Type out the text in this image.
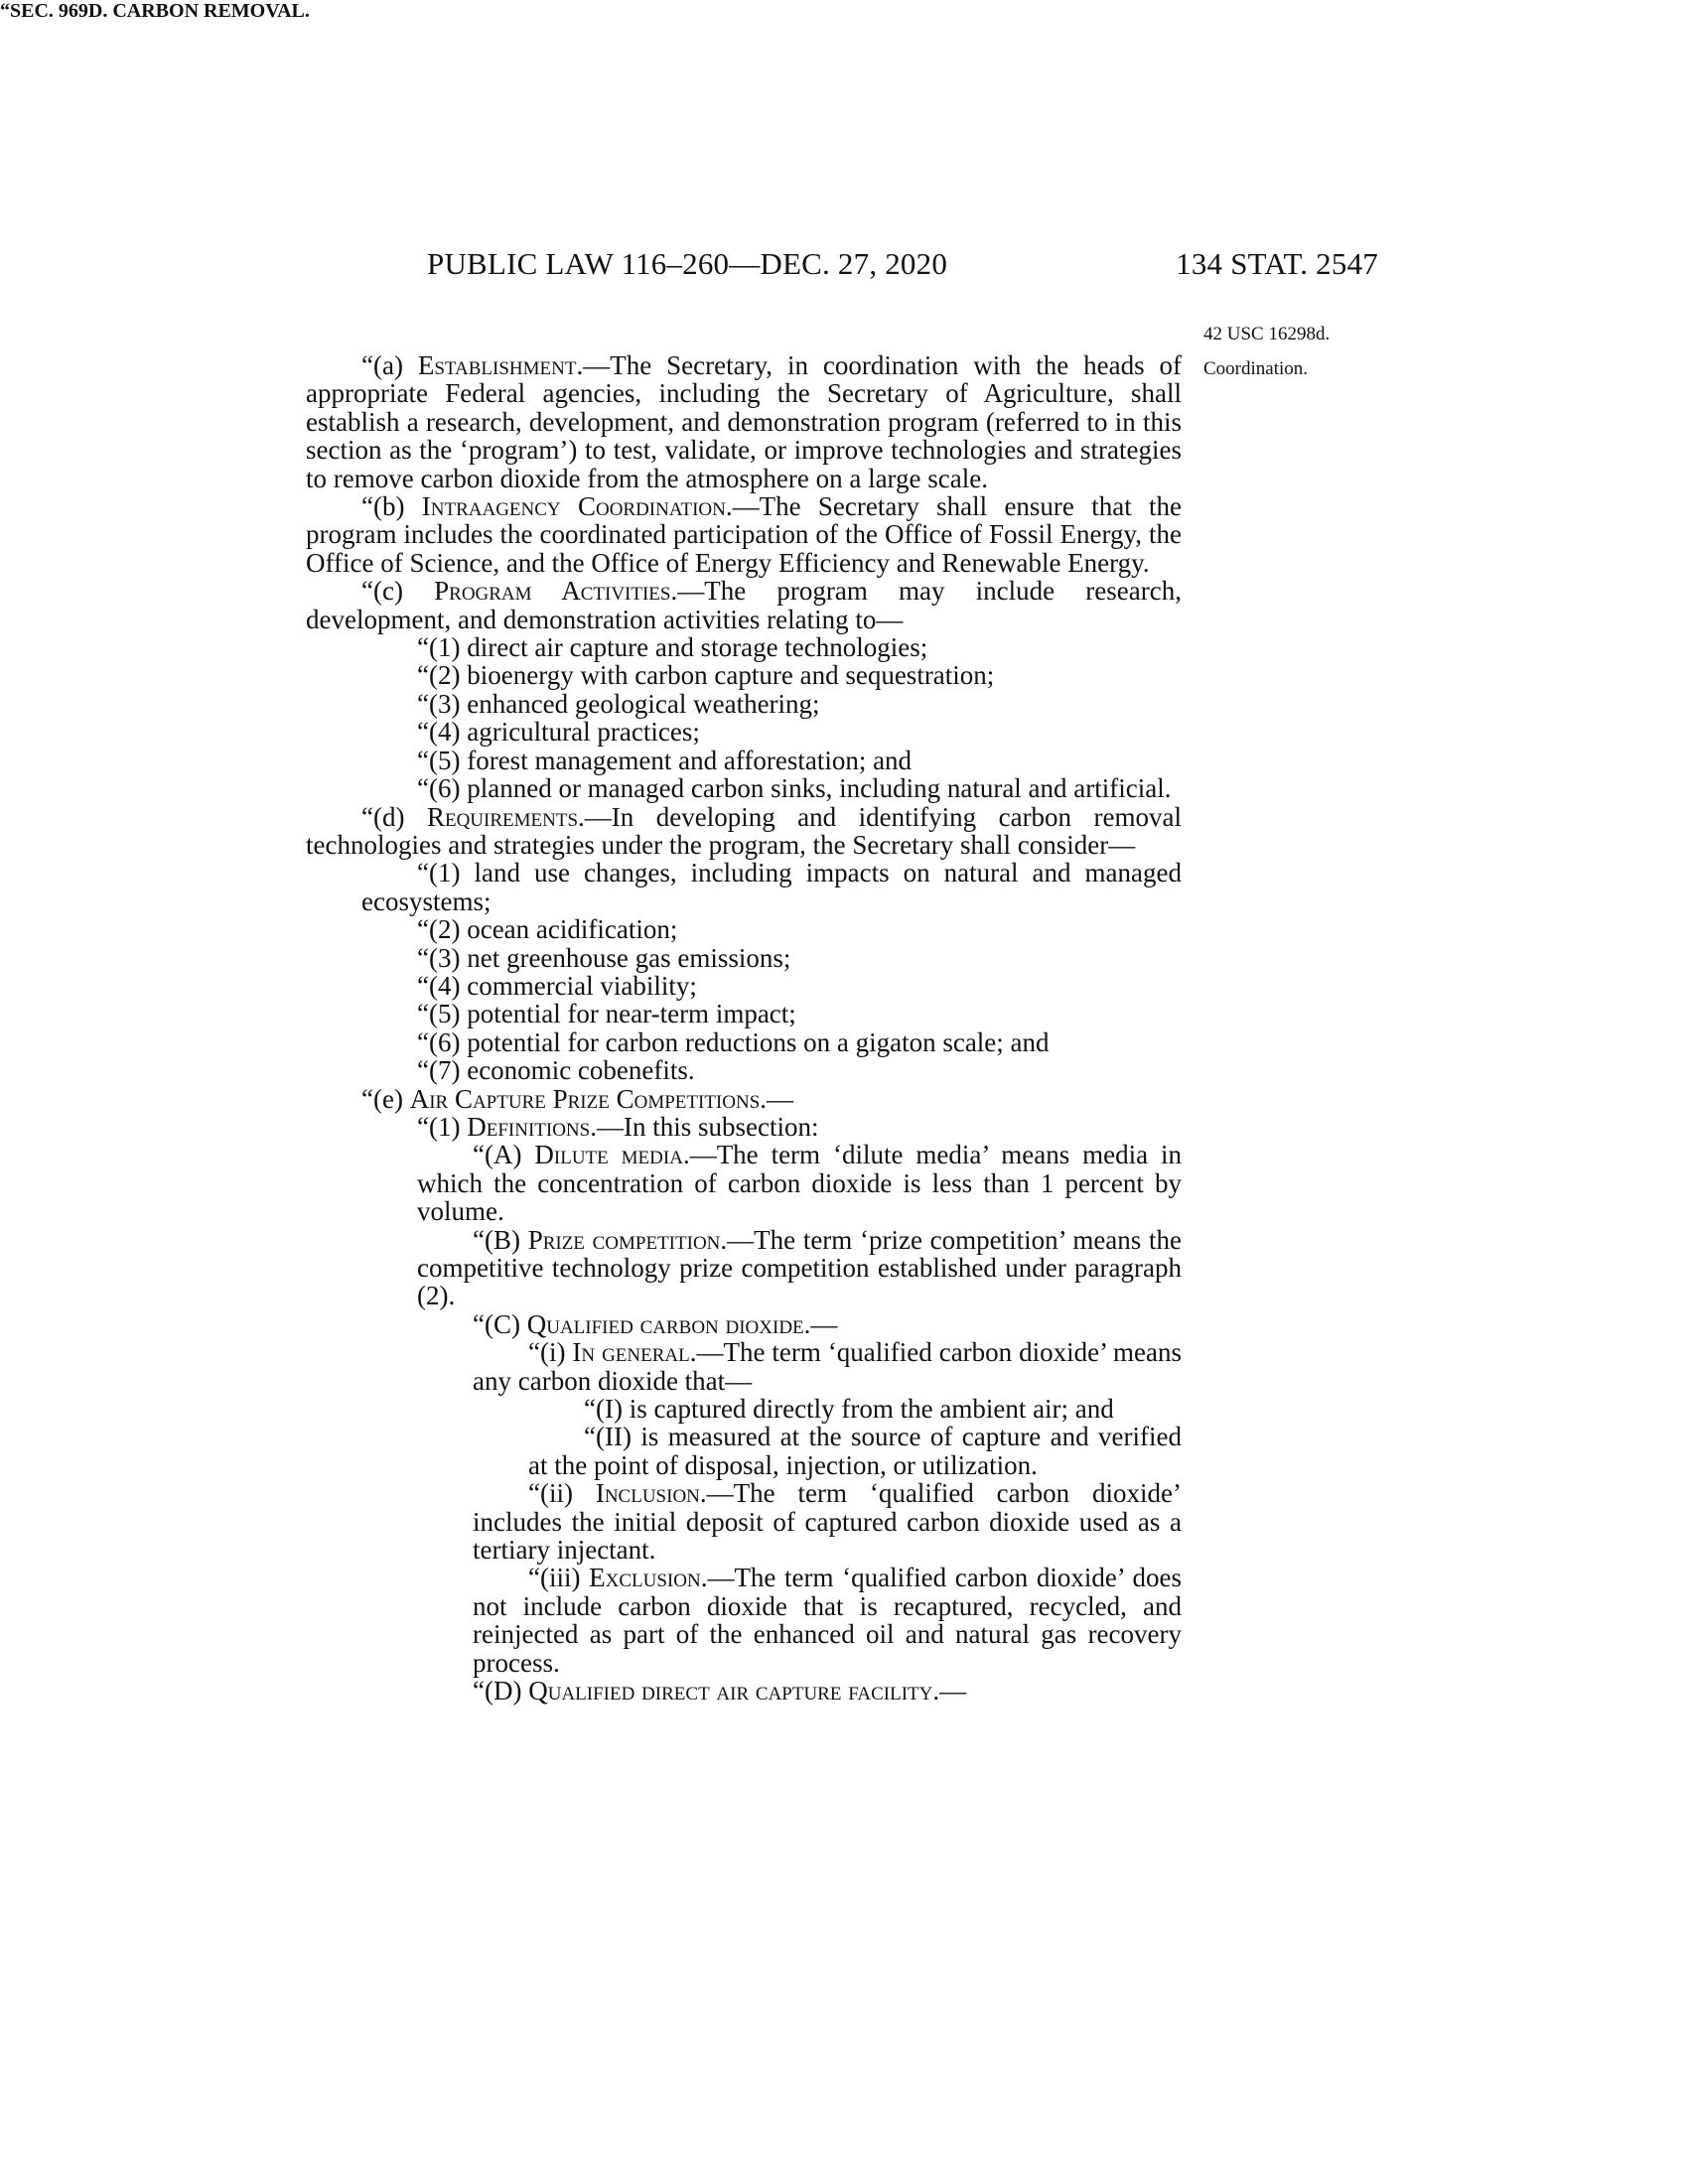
PUBLIC LAW 116–260—DEC. 27, 2020	134 STAT. 2547
42 USC 16298d.
Coordination.
“SEC. 969D. CARBON REMOVAL.

“(a) Establishment.—The Secretary, in coordination with the heads of appropriate Federal agencies, including the Secretary of Agriculture, shall establish a research, development, and demonstration program (referred to in this section as the ‘program’) to test, validate, or improve technologies and strategies to remove carbon dioxide from the atmosphere on a large scale.

“(b) Intraagency Coordination.—The Secretary shall ensure that the program includes the coordinated participation of the Office of Fossil Energy, the Office of Science, and the Office of Energy Efficiency and Renewable Energy.

“(c) Program Activities.—The program may include research, development, and demonstration activities relating to—

“(1) direct air capture and storage technologies;

“(2) bioenergy with carbon capture and sequestration;

“(3) enhanced geological weathering;

“(4) agricultural practices;

“(5) forest management and afforestation; and

“(6) planned or managed carbon sinks, including natural and artificial.

“(d) Requirements.—In developing and identifying carbon removal technologies and strategies under the program, the Secretary shall consider—

“(1) land use changes, including impacts on natural and managed ecosystems;

“(2) ocean acidification;

“(3) net greenhouse gas emissions;

“(4) commercial viability;

“(5) potential for near-term impact;

“(6) potential for carbon reductions on a gigaton scale; and

“(7) economic cobenefits.

“(e) Air Capture Prize Competitions.—

“(1) Definitions.—In this subsection:

“(A) Dilute media.—The term ‘dilute media’ means media in which the concentration of carbon dioxide is less than 1 percent by volume.

“(B) Prize competition.—The term ‘prize competition’ means the competitive technology prize competition established under paragraph (2).

“(C) Qualified carbon dioxide.—

“(i) In general.—The term ‘qualified carbon dioxide’ means any carbon dioxide that—

“(I) is captured directly from the ambient air; and

“(II) is measured at the source of capture and verified at the point of disposal, injection, or utilization.

“(ii) Inclusion.—The term ‘qualified carbon dioxide’ includes the initial deposit of captured carbon dioxide used as a tertiary injectant.

“(iii) Exclusion.—The term ‘qualified carbon dioxide’ does not include carbon dioxide that is recaptured, recycled, and reinjected as part of the enhanced oil and natural gas recovery process.

“(D) Qualified direct air capture facility.—
